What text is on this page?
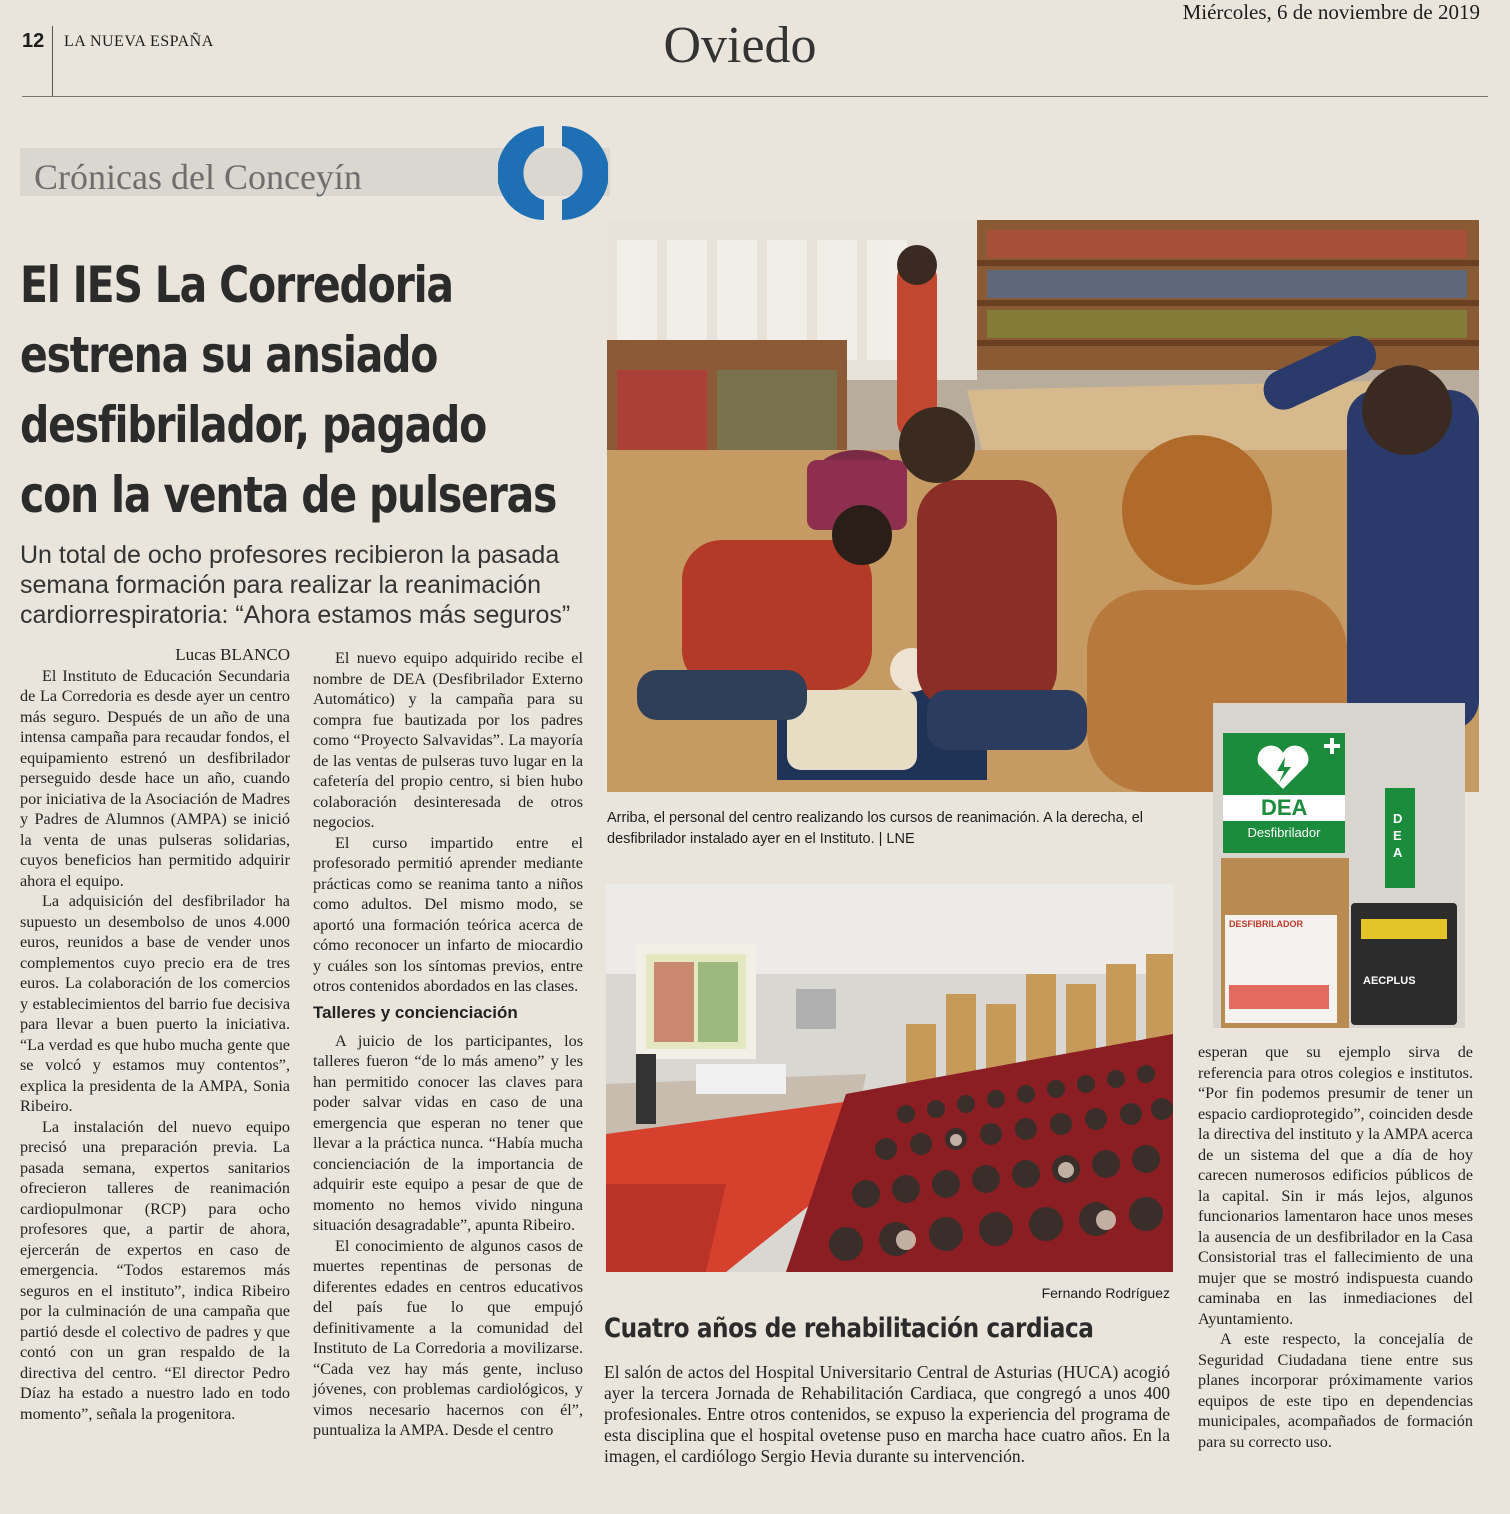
12 LA NUEVA ESPAÑA	Oviedo
Miércoles, 6 de noviembre de 2019
Crónicas del Conceyín
El IES La Corredoria
estrena su ansiado
desfibrilador, pagado
con la venta de pulseras
Un total de ocho profesores recibieron la pasada semana formación para realizar la reanimación cardiorrespiratoria: “Ahora estamos más seguros”

Lucas BLANCO

El Instituto de Educación Secundaria de La Corredoria es desde ayer un centro más seguro. Después de un año de una intensa campaña para recaudar fondos, el equipamiento estrenó un desfibrilador perseguido desde hace un año, cuando por iniciativa de la Asociación de Madres y Padres de Alumnos (AMPA) se inició la venta de unas pulseras solidarias, cuyos beneficios han permitido adquirir ahora el equipo.

La adquisición del desfibrilador ha supuesto un desembolso de unos 4.000 euros, reunidos a base de vender unos complementos cuyo precio era de tres euros. La colaboración de los comercios y establecimientos del barrio fue decisiva para llevar a buen puerto la iniciativa. “La verdad es que hubo mucha gente que se volcó y estamos muy contentos”, explica la presidenta de la AMPA, Sonia Ribeiro.

La instalación del nuevo equipo precisó una preparación previa. La pasada semana, expertos sanitarios ofrecieron talleres de reanimación cardiopulmonar (RCP) para ocho profesores que, a partir de ahora, ejercerán de expertos en caso de emergencia. “Todos estaremos más seguros en el instituto”, indica Ribeiro por la culminación de una campaña que partió desde el colectivo de padres y que contó con un gran respaldo de la directiva del centro. “El director Pedro Díaz ha estado a nuestro lado en todo momento”, señala la progenitora.

El nuevo equipo adquirido recibe el nombre de DEA (Desfibrilador Externo Automático) y la campaña para su compra fue bautizada por los padres como “Proyecto Salvavidas”. La mayoría de las ventas de pulseras tuvo lugar en la cafetería del propio centro, si bien hubo colaboración desinteresada de otros negocios.

El curso impartido entre el profesorado permitió aprender mediante prácticas como se reanima tanto a niños como adultos. Del mismo modo, se aportó una formación teórica acerca de cómo reconocer un infarto de miocardio y cuáles son los síntomas previos, entre otros contenidos abordados en las clases.

Talleres y concienciación

A juicio de los participantes, los talleres fueron “de lo más ameno” y les han permitido conocer las claves para poder salvar vidas en caso de una emergencia que esperan no tener que llevar a la práctica nunca. “Había mucha concienciación de la importancia de adquirir este equipo a pesar de que de momento no hemos vivido ninguna situación desagradable”, apunta Ribeiro.

El conocimiento de algunos casos de muertes repentinas de personas de diferentes edades en centros educativos del país fue lo que empujó definitivamente a la comunidad del Instituto de La Corredoria a movilizarse. “Cada vez hay más gente, incluso jóvenes, con problemas cardiológicos, y vimos necesario hacernos con él”, puntualiza la AMPA. Desde el centro

DEA
Desfibrilador
DESFIBRILADOR
DEA
AECPLUS
Arriba, el personal del centro realizando los cursos de reanimación. A la derecha, el desfibrilador instalado ayer en el Instituto. | LNE
Fernando Rodríguez
Cuatro años de rehabilitación cardiaca

El salón de actos del Hospital Universitario Central de Asturias (HUCA) acogió ayer la tercera Jornada de Rehabilitación Cardiaca, que congregó a unos 400 profesionales. Entre otros contenidos, se expuso la experiencia del programa de esta disciplina que el hospital ovetense puso en marcha hace cuatro años. En la imagen, el cardiólogo Sergio Hevia durante su intervención.

esperan que su ejemplo sirva de referencia para otros colegios e institutos. “Por fin podemos presumir de tener un espacio cardioprotegido”, coinciden desde la directiva del instituto y la AMPA acerca de un sistema del que a día de hoy carecen numerosos edificios públicos de la capital. Sin ir más lejos, algunos funcionarios lamentaron hace unos meses la ausencia de un desfibrilador en la Casa Consistorial tras el fallecimiento de una mujer que se mostró indispuesta cuando caminaba en las inmediaciones del Ayuntamiento.

A este respecto, la concejalía de Seguridad Ciudadana tiene entre sus planes incorporar próximamente varios equipos de este tipo en dependencias municipales, acompañados de formación para su correcto uso.
